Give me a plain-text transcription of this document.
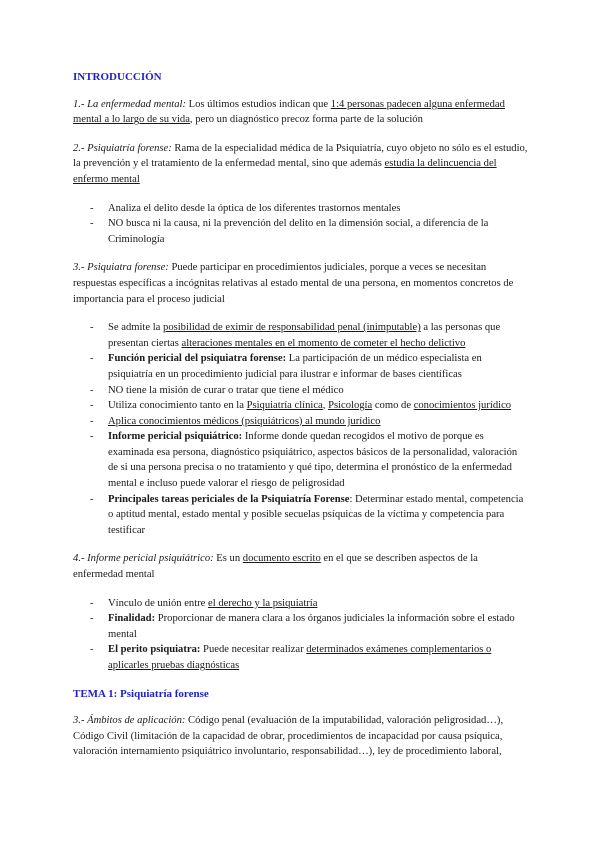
INTRODUCCIÓN

1.- La enfermedad mental: Los últimos estudios indican que 1:4 personas padecen alguna enfermedad mental a lo largo de su vida, pero un diagnóstico precoz forma parte de la solución

2.- Psiquiatría forense: Rama de la especialidad médica de la Psiquiatría, cuyo objeto no sólo es el estudio, la prevención y el tratamiento de la enfermedad mental, sino que además estudia la delincuencia del enfermo mental

- Analiza el delito desde la óptica de los diferentes trastornos mentales
- NO busca ni la causa, ni la prevención del delito en la dimensión social, a diferencia de la Criminología

3.- Psiquiatra forense: Puede participar en procedimientos judiciales, porque a veces se necesitan respuestas específicas a incógnitas relativas al estado mental de una persona, en momentos concretos de importancia para el proceso judicial

- Se admite la posibilidad de eximir de responsabilidad penal (inimputable) a las personas que presentan ciertas alteraciones mentales en el momento de cometer el hecho delictivo
- Función pericial del psiquiatra forense: La participación de un médico especialista en psiquiatría en un procedimiento judicial para ilustrar e informar de bases científicas
- NO tiene la misión de curar o tratar que tiene el médico
- Utiliza conocimiento tanto en la Psiquiatría clínica, Psicología como de conocimientos jurídico
- Aplica conocimientos médicos (psiquiátricos) al mundo jurídico
- Informe pericial psiquiátrico: Informe donde quedan recogidos el motivo de porque es examinada esa persona, diagnóstico psiquiátrico, aspectos básicos de la personalidad, valoración de si una persona precisa o no tratamiento y qué tipo, determina el pronóstico de la enfermedad mental e incluso puede valorar el riesgo de peligrosidad
- Principales tareas periciales de la Psiquiatría Forense: Determinar estado mental, competencia o aptitud mental, estado mental y posible secuelas psíquicas de la víctima y competencia para testificar

4.- Informe pericial psiquiátrico: Es un documento escrito en el que se describen aspectos de la enfermedad mental

- Vínculo de unión entre el derecho y la psiquiatría
- Finalidad: Proporcionar de manera clara a los órganos judiciales la información sobre el estado mental
- El perito psiquiatra: Puede necesitar realizar determinados exámenes complementarios o aplicarles pruebas diagnósticas
TEMA 1: Psiquiatría forense

3.- Ámbitos de aplicación: Código penal (evaluación de la imputabilidad, valoración peligrosidad…), Código Civil (limitación de la capacidad de obrar, procedimientos de incapacidad por causa psíquica, valoración internamiento psiquiátrico involuntario, responsabilidad…), ley de procedimiento laboral,
